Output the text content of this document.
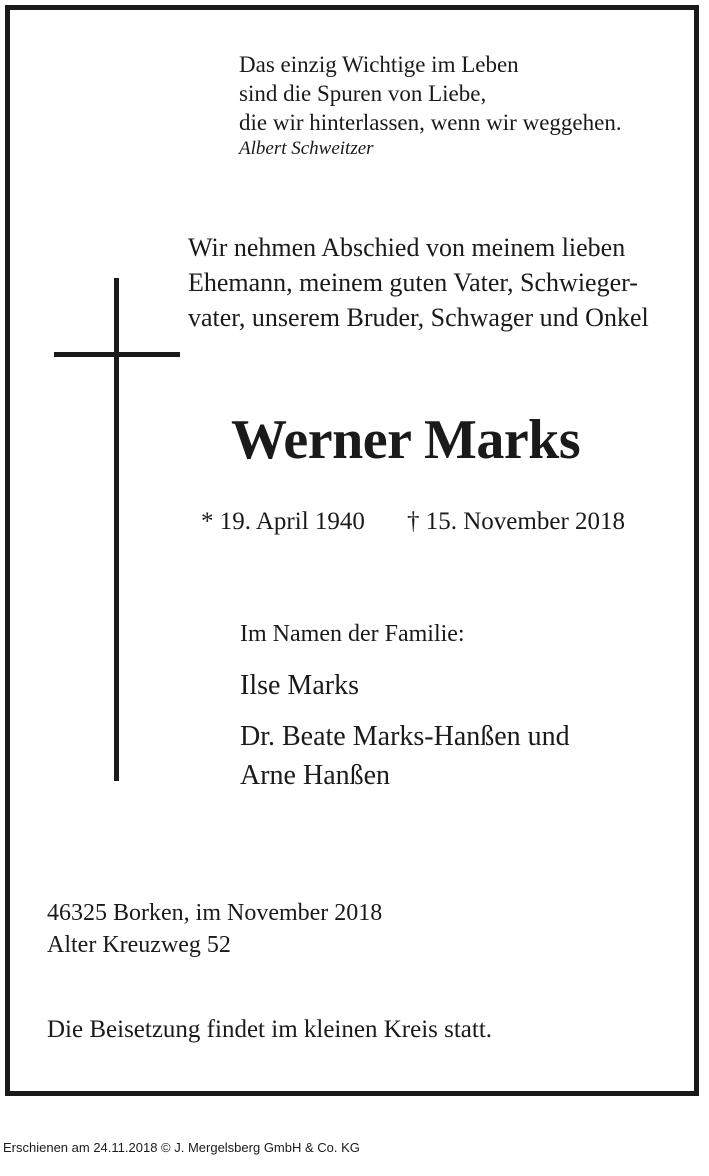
Das einzig Wichtige im Leben
sind die Spuren von Liebe,
die wir hinterlassen, wenn wir weggehen.
Albert Schweitzer
Wir nehmen Abschied von meinem lieben
Ehemann, meinem guten Vater, Schwieger-
vater, unserem Bruder, Schwager und Onkel
Werner Marks
* 19. April 1940 † 15. November 2018
Im Namen der Familie:
Ilse Marks
Dr. Beate Marks-Hanßen und
Arne Hanßen
46325 Borken, im November 2018
Alter Kreuzweg 52
Die Beisetzung findet im kleinen Kreis statt.
Erschienen am 24.11.2018 © J. Mergelsberg GmbH & Co. KG
